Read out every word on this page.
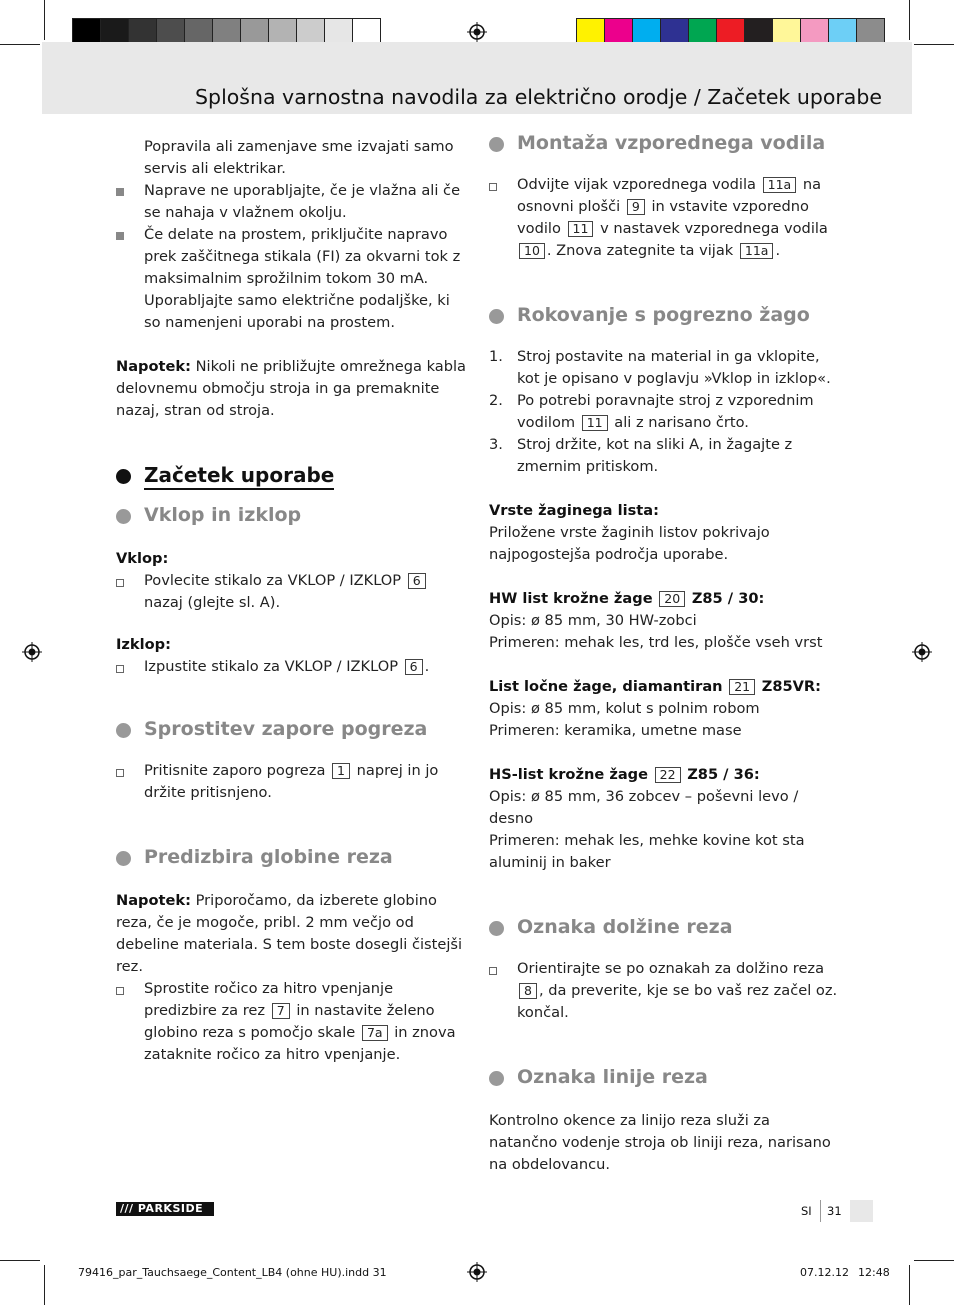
Splošna varnostna navodila za električno orodje / Začetek uporabe

Popravila ali zamenjave sme izvajati samo servis ali elektrikar.

Naprave ne uporabljajte, če je vlažna ali če se nahaja v vlažnem okolju.
Če delate na prostem, priključite napravo prek zaščitnega stikala (FI) za okvarni tok z maksimalnim sprožilnim tokom 30 mA. Uporabljajte samo električne podaljške, ki so namenjeni uporabi na prostem.

Napotek: Nikoli ne približujte omrežnega kabla delovnemu območju stroja in ga premaknite nazaj, stran od stroja.

Začetek uporabe
Vklop in izklop

Vklop:

Povlecite stikalo za VKLOP / IZKLOP 6 nazaj (glejte sl. A).

Izklop:

Izpustite stikalo za VKLOP / IZKLOP 6 .
Sprostitev zapore pogreza
Pritisnite zaporo pogreza 1 naprej in jo držite pritisnjeno.
Predizbira globine reza

Napotek: Priporočamo, da izberete globino reza, če je mogoče, pribl. 2 mm večjo od debeline materiala. S tem boste dosegli čistejši rez.

Sprostite ročico za hitro vpenjanje predizbire za rez 7 in nastavite želeno globino reza s pomočjo skale 7a in znova zataknite ročico za hitro vpenjanje.
Montaža vzporednega vodila
Odvijte vijak vzporednega vodila 11a na osnovni plošči 9 in vstavite vzporedno vodilo 11 v nastavek vzporednega vodila 10 . Znova zategnite ta vijak 11a .
Rokovanje s pogrezno žago
1. Stroj postavite na material in ga vklopite, kot je opisano v poglavju »Vklop in izklop«.
2. Po potrebi poravnajte stroj z vzporednim vodilom 11 ali z narisano črto.
3. Stroj držite, kot na sliki A, in žagajte z zmernim pritiskom.

Vrste žaginega lista:

Priložene vrste žaginih listov pokrivajo najpogostejša področja uporabe.

HW list krožne žage 20 Z85 / 30:

Opis: ø 85 mm, 30 HW-zobci

Primeren: mehak les, trd les, plošče vseh vrst

List ločne žage, diamantiran 21 Z85VR:

Opis: ø 85 mm, kolut s polnim robom

Primeren: keramika, umetne mase

HS-list krožne žage 22 Z85 / 36:

Opis: ø 85 mm, 36 zobcev – poševni levo / desno

Primeren: mehak les, mehke kovine kot sta aluminij in baker

Oznaka dolžine reza
Orientirajte se po oznakah za dolžino reza 8 , da preverite, kje se bo vaš rez začel oz. končal.
Oznaka linije reza

Kontrolno okence za linijo reza služi za natančno vodenje stroja ob liniji reza, narisano na obdelovancu.

/// PARKSIDE	SI 31
79416_par_Tauchsaege_Content_LB4 (ohne HU).indd 31	07.12.12 12:48
